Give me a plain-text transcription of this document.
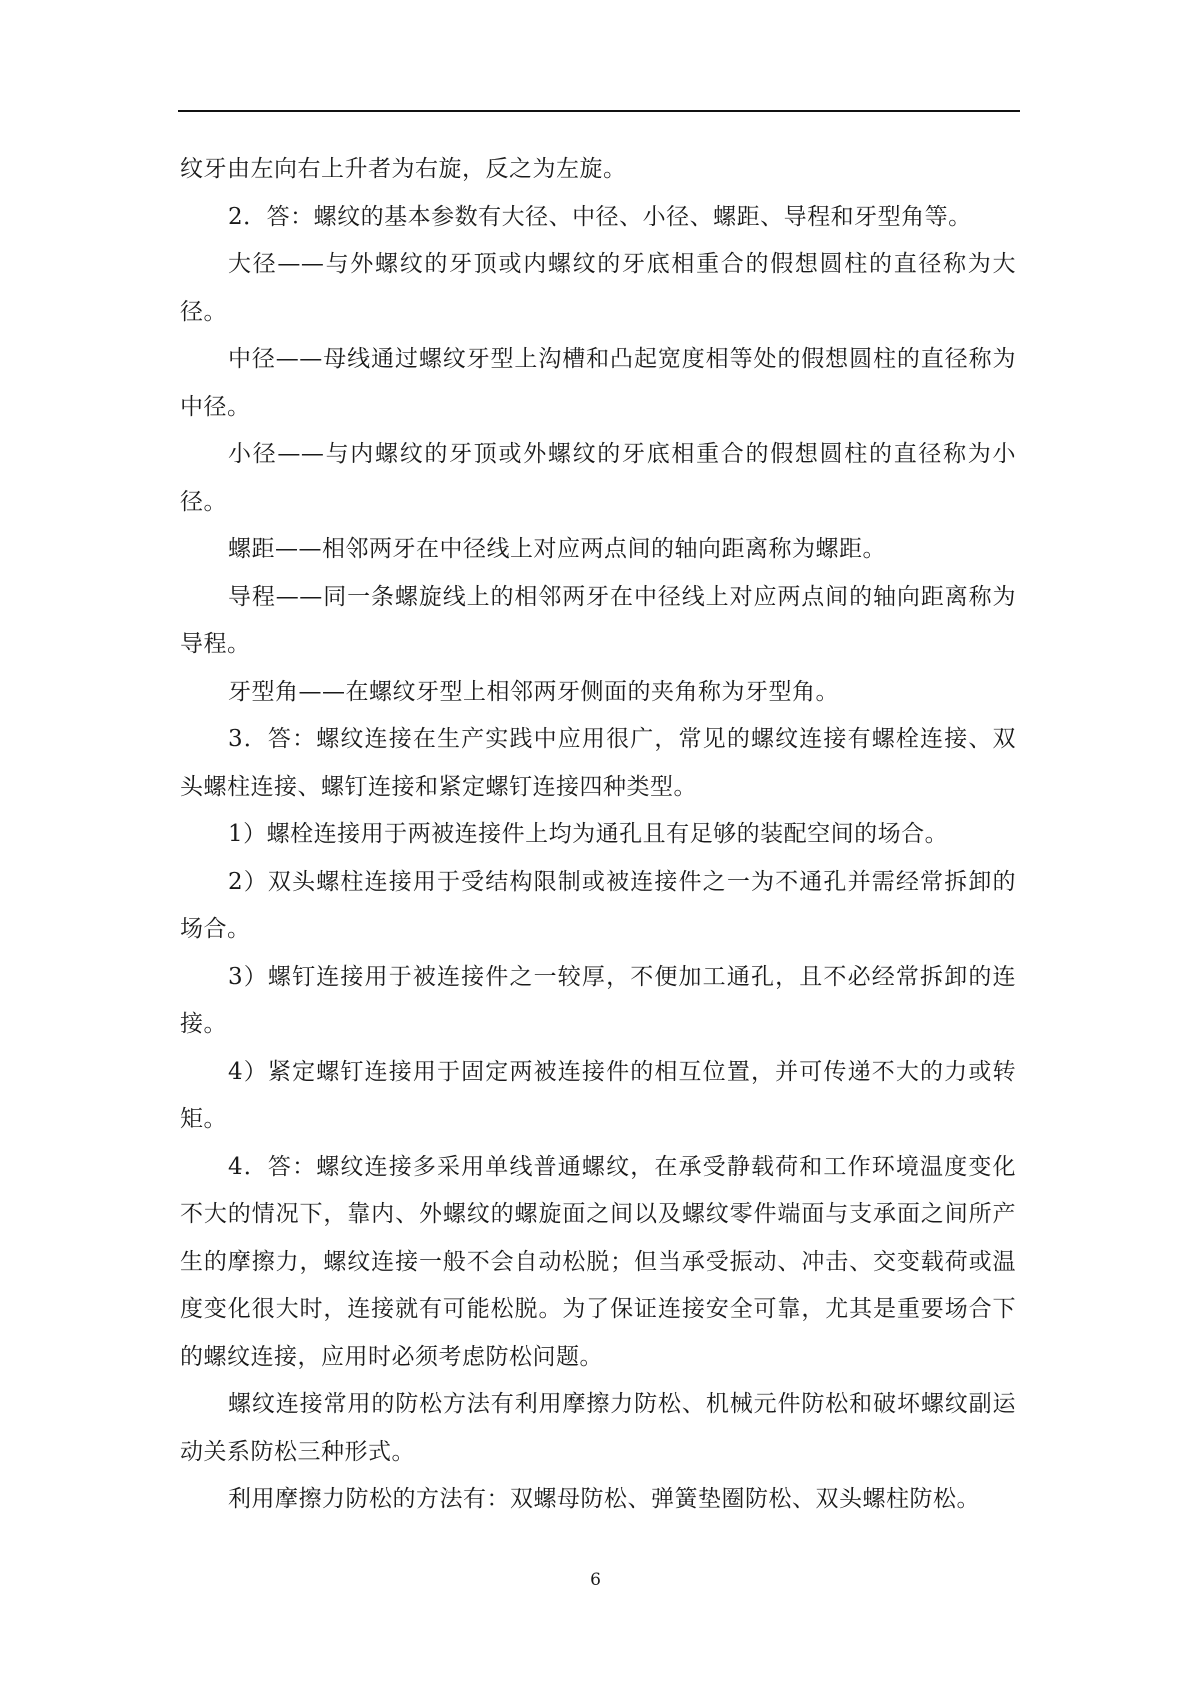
纹牙由左向右上升者为右旋，反之为左旋。

2．答：螺纹的基本参数有大径、中径、小径、螺距、导程和牙型角等。

大径——与外螺纹的牙顶或内螺纹的牙底相重合的假想圆柱的直径称为大径。

中径——母线通过螺纹牙型上沟槽和凸起宽度相等处的假想圆柱的直径称为中径。

小径——与内螺纹的牙顶或外螺纹的牙底相重合的假想圆柱的直径称为小径。

螺距——相邻两牙在中径线上对应两点间的轴向距离称为螺距。

导程——同一条螺旋线上的相邻两牙在中径线上对应两点间的轴向距离称为导程。

牙型角——在螺纹牙型上相邻两牙侧面的夹角称为牙型角。

3．答：螺纹连接在生产实践中应用很广，常见的螺纹连接有螺栓连接、双头螺柱连接、螺钉连接和紧定螺钉连接四种类型。

1）螺栓连接用于两被连接件上均为通孔且有足够的装配空间的场合。

2）双头螺柱连接用于受结构限制或被连接件之一为不通孔并需经常拆卸的场合。

3）螺钉连接用于被连接件之一较厚，不便加工通孔，且不必经常拆卸的连接。

4）紧定螺钉连接用于固定两被连接件的相互位置，并可传递不大的力或转矩。

4．答：螺纹连接多采用单线普通螺纹，在承受静载荷和工作环境温度变化不大的情况下，靠内、外螺纹的螺旋面之间以及螺纹零件端面与支承面之间所产生的摩擦力，螺纹连接一般不会自动松脱；但当承受振动、冲击、交变载荷或温度变化很大时，连接就有可能松脱。为了保证连接安全可靠，尤其是重要场合下的螺纹连接，应用时必须考虑防松问题。

螺纹连接常用的防松方法有利用摩擦力防松、机械元件防松和破坏螺纹副运动关系防松三种形式。

利用摩擦力防松的方法有：双螺母防松、弹簧垫圈防松、双头螺柱防松。

6
